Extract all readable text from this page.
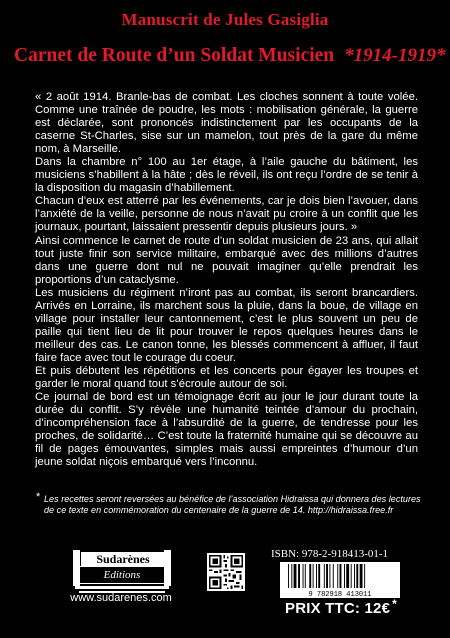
Manuscrit de Jules Gasiglia
Carnet de Route d’un Soldat Musicien *1914-1919*

« 2 août 1914. Branle-bas de combat. Les cloches sonnent à toute volée. Comme une traînée de poudre, les mots : mobilisation générale, la guerre est déclarée, sont prononcés indistinctement par les occupants de la caserne St-Charles, sise sur un mamelon, tout près de la gare du même nom, à Marseille.

Dans la chambre n° 100 au 1er étage, à l’aile gauche du bâtiment, les musiciens s’habillent à la hâte ; dès le réveil, ils ont reçu l’ordre de se tenir à la disposition du magasin d’habillement.

Chacun d’eux est atterré par les événements, car je dois bien l’avouer, dans l’anxiété de la veille, personne de nous n’avait pu croire à un conflit que les journaux, pourtant, laissaient pressentir depuis plusieurs jours. »

Ainsi commence le carnet de route d’un soldat musicien de 23 ans, qui allait tout juste finir son service militaire, embarqué avec des millions d’autres dans une guerre dont nul ne pouvait imaginer qu’elle prendrait les proportions d’un cataclysme.

Les musiciens du régiment n’iront pas au combat, ils seront brancardiers. Arrivés en Lorraine, ils marchent sous la pluie, dans la boue, de village en village pour installer leur cantonnement, c’est le plus souvent un peu de paille qui tient lieu de lit pour trouver le repos quelques heures dans le meilleur des cas. Le canon tonne, les blessés commencent à affluer, il faut faire face avec tout le courage du coeur.

Et puis débutent les répétitions et les concerts pour égayer les troupes et garder le moral quand tout s’écroule autour de soi.

Ce journal de bord est un témoignage écrit au jour le jour durant toute la durée du conflit. S’y révèle une humanité teintée d’amour du prochain, d’incompréhension face à l’absurdité de la guerre, de tendresse pour les proches, de solidarité… C’est toute la fraternité humaine qui se découvre au fil de pages émouvantes, simples mais aussi empreintes d’humour d’un jeune soldat niçois embarqué vers l’inconnu.

* Les recettes seront reversées au bénéfice de l’association Hidraissa qui donnera des lectures de ce texte en commémoration du centenaire de la guerre de 14. http://hidraissa.free.fr
Sudarènes
Editions
www.sudarenes.com
ISBN: 978-2-918413-01-1
9 782918 413011
PRIX TTC: 12€ *
